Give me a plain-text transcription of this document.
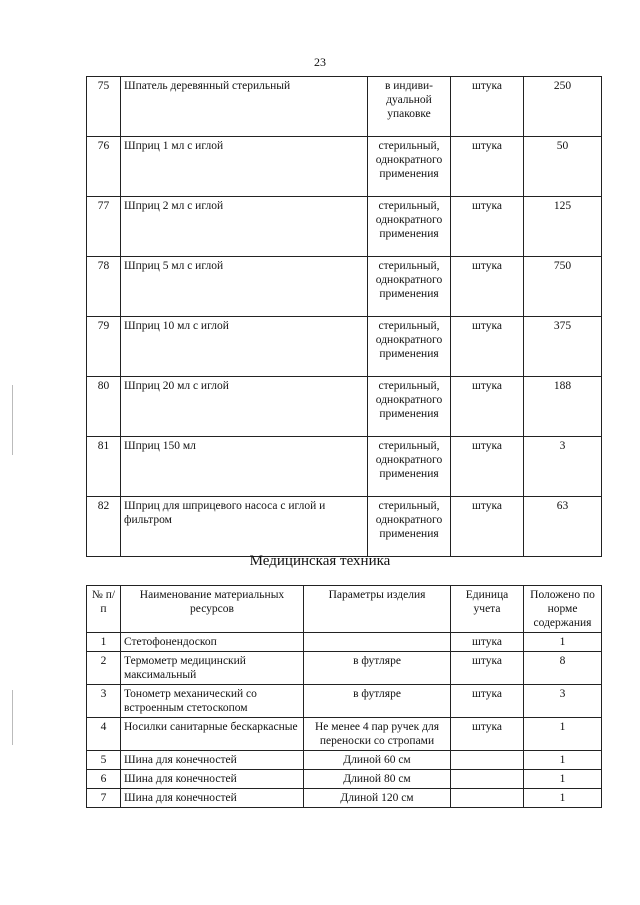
23
75	Шпатель деревянный стерильный	в индиви-дуальной упаковке	штука	250
76	Шприц 1 мл с иглой	стерильный, однократного применения	штука	50
77	Шприц 2 мл с иглой	стерильный, однократного применения	штука	125
78	Шприц 5 мл с иглой	стерильный, однократного применения	штука	750
79	Шприц 10 мл с иглой	стерильный, однократного применения	штука	375
80	Шприц 20 мл с иглой	стерильный, однократного применения	штука	188
81	Шприц 150 мл	стерильный, однократного применения	штука	3
82	Шприц для шприцевого насоса с иглой и фильтром	стерильный, однократного применения	штука	63
Медицинская техника
№ п/п	Наименование материальных ресурсов	Параметры изделия	Единица учета	Положено по норме содержания
1	Стетофонендоскоп		штука	1
2	Термометр медицинский максимальный	в футляре	штука	8
3	Тонометр механический со встроенным стетоскопом	в футляре	штука	3
4	Носилки санитарные бескаркасные	Не менее 4 пар ручек для переноски со стропами	штука	1
5	Шина для конечностей	Длиной 60 см		1
6	Шина для конечностей	Длиной 80 см		1
7	Шина для конечностей	Длиной 120 см		1
